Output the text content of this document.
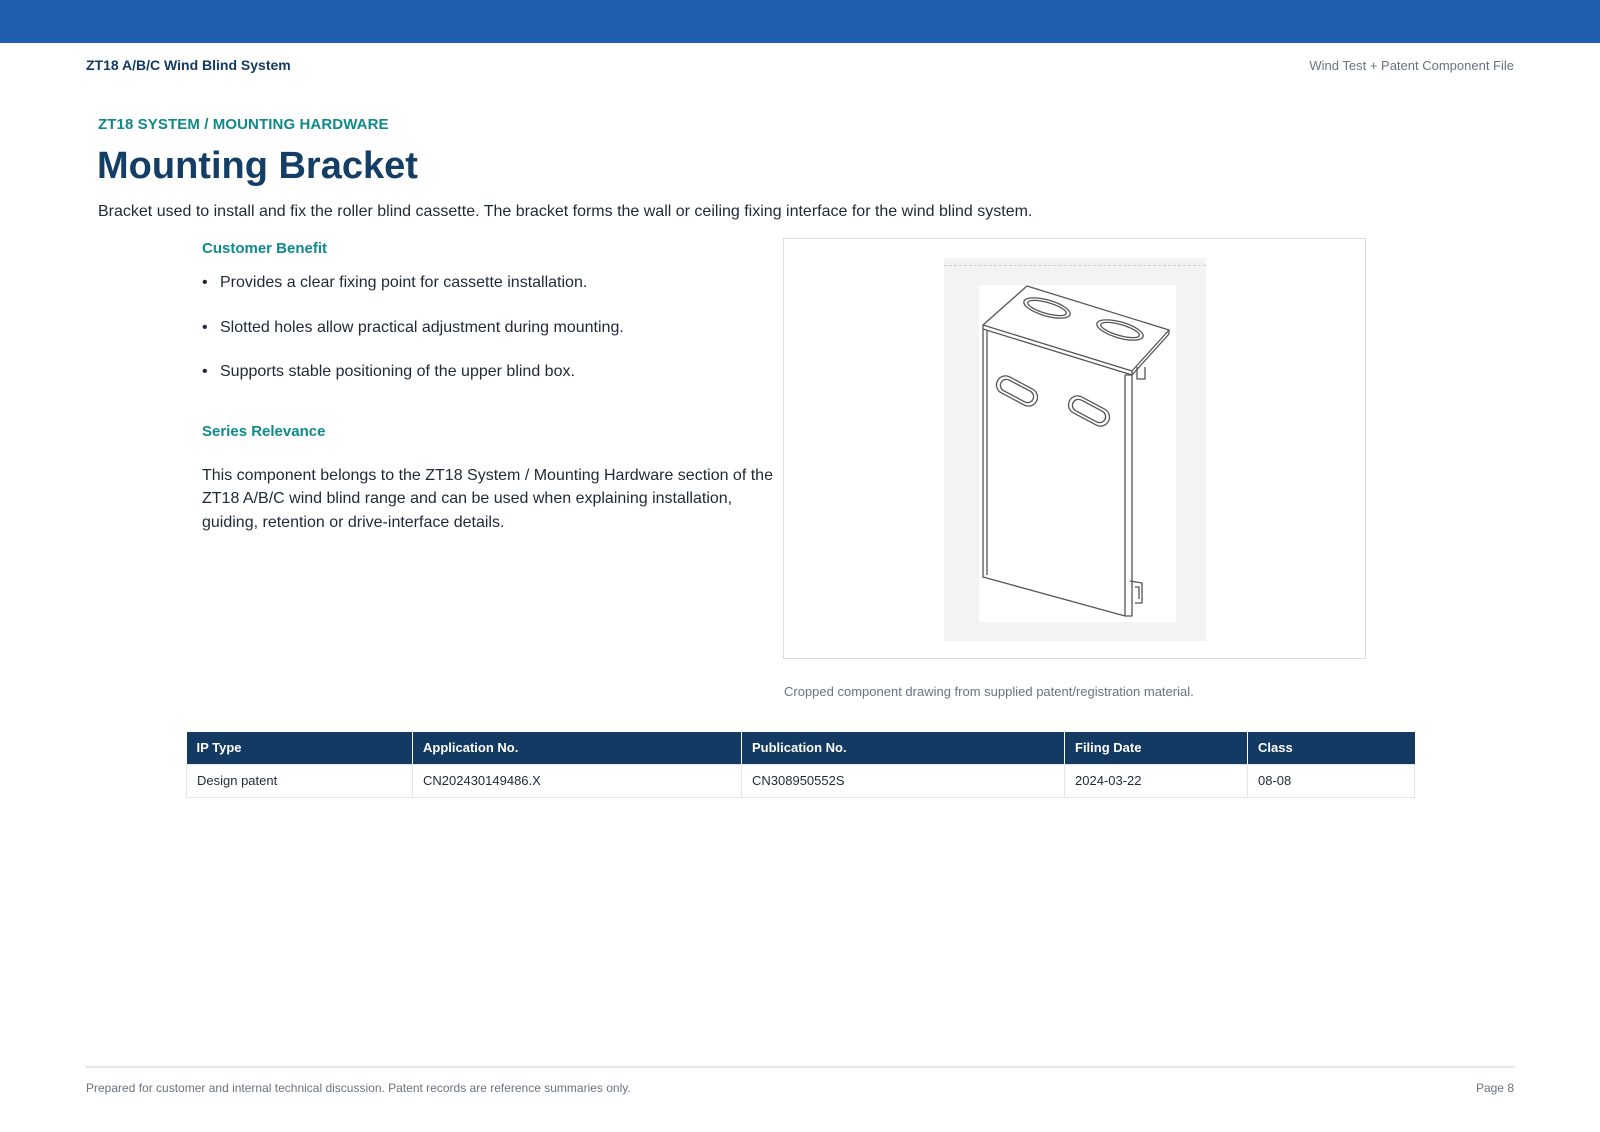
ZT18 A/B/C Wind Blind System	Wind Test + Patent Component File
ZT18 SYSTEM / MOUNTING HARDWARE
Mounting Bracket

Bracket used to install and fix the roller blind cassette. The bracket forms the wall or ceiling fixing interface for the wind blind system.

Customer Benefit
• Provides a clear fixing point for cassette installation.
• Slotted holes allow practical adjustment during mounting.
• Supports stable positioning of the upper blind box.
Series Relevance

This component belongs to the ZT18 System / Mounting Hardware section of the ZT18 A/B/C wind blind range and can be used when explaining installation, guiding, retention or drive-interface details.

Cropped component drawing from supplied patent/registration material.
IP Type	Application No.	Publication No.	Filing Date	Class
Design patent	CN202430149486.X	CN308950552S	2024-03-22	08-08
Prepared for customer and internal technical discussion. Patent records are reference summaries only.	Page 8
